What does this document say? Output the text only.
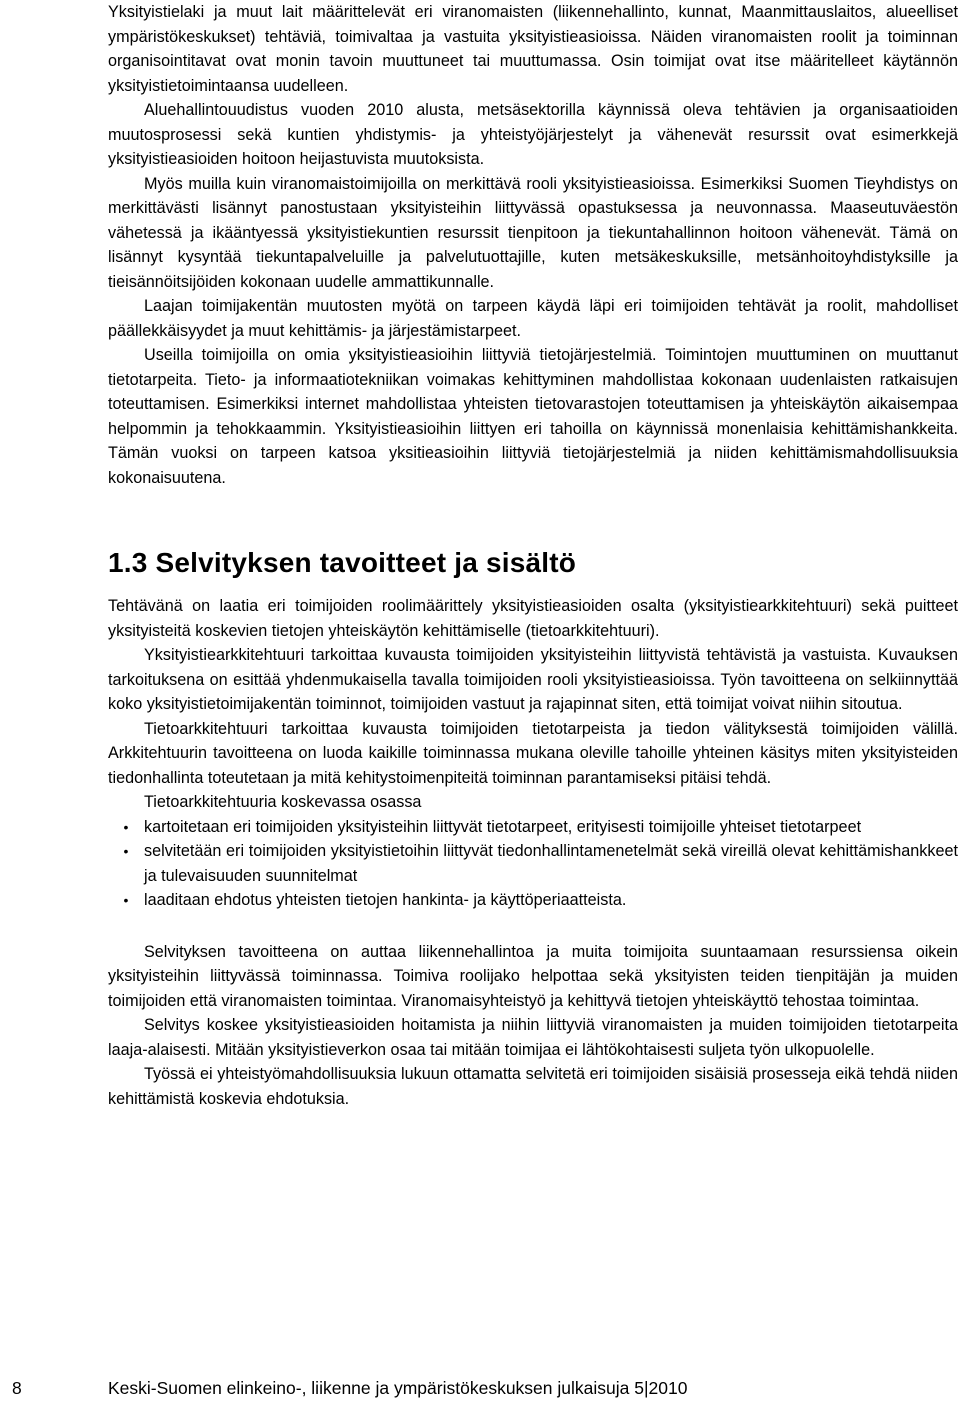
Yksityistielaki ja muut lait määrittelevät eri viranomaisten (liikennehallinto, kunnat, Maanmittauslaitos, alueelliset ympäristökeskukset) tehtäviä, toimivaltaa ja vastuita yksityistieasioissa. Näiden viranomaisten roolit ja toiminnan organisointitavat ovat monin tavoin muuttuneet tai muuttumassa. Osin toimijat ovat itse määritelleet käytännön yksityistietoimintaansa uudelleen.

Aluehallintouudistus vuoden 2010 alusta, metsäsektorilla käynnissä oleva tehtävien ja organisaatioiden muutosprosessi sekä kuntien yhdistymis- ja yhteistyöjärjestelyt ja vähenevät resurssit ovat esimerkkejä yksityistieasioiden hoitoon heijastuvista muutoksista.

Myös muilla kuin viranomaistoimijoilla on merkittävä rooli yksityistieasioissa. Esimerkiksi Suomen Tieyhdistys on merkittävästi lisännyt panostustaan yksityisteihin liittyvässä opastuksessa ja neuvonnassa. Maaseutuväestön vähetessä ja ikääntyessä yksityistiekuntien resurssit tienpitoon ja tiekuntahallinnon hoitoon vähenevät. Tämä on lisännyt kysyntää tiekuntapalveluille ja palvelutuottajille, kuten metsäkeskuksille, metsänhoitoyhdistyksille ja tieisännöitsijöiden kokonaan uudelle ammattikunnalle.

Laajan toimijakentän muutosten myötä on tarpeen käydä läpi eri toimijoiden tehtävät ja roolit, mahdolliset päällekkäisyydet ja muut kehittämis- ja järjestämistarpeet.

Useilla toimijoilla on omia yksityistieasioihin liittyviä tietojärjestelmiä. Toimintojen muuttuminen on muuttanut tietotarpeita. Tieto- ja informaatiotekniikan voimakas kehittyminen mahdollistaa kokonaan uudenlaisten ratkaisujen toteuttamisen. Esimerkiksi internet mahdollistaa yhteisten tietovarastojen toteuttamisen ja yhteiskäytön aikaisempaa helpommin ja tehokkaammin. Yksityistieasioihin liittyen eri tahoilla on käynnissä monenlaisia kehittämishankkeita. Tämän vuoksi on tarpeen katsoa yksitieasioihin liittyviä tietojärjestelmiä ja niiden kehittämismahdollisuuksia kokonaisuutena.

1.3 Selvityksen tavoitteet ja sisältö

Tehtävänä on laatia eri toimijoiden roolimäärittely yksityistieasioiden osalta (yksityistiearkkitehtuuri) sekä puitteet yksityisteitä koskevien tietojen yhteiskäytön kehittämiselle (tietoarkkitehtuuri).

Yksityistiearkkitehtuuri tarkoittaa kuvausta toimijoiden yksityisteihin liittyvistä tehtävistä ja vastuista. Kuvauksen tarkoituksena on esittää yhdenmukaisella tavalla toimijoiden rooli yksityistieasioissa. Työn tavoitteena on selkiinnyttää koko yksityistietoimijakentän toiminnot, toimijoiden vastuut ja rajapinnat siten, että toimijat voivat niihin sitoutua.

Tietoarkkitehtuuri tarkoittaa kuvausta toimijoiden tietotarpeista ja tiedon välityksestä toimijoiden välillä. Arkkitehtuurin tavoitteena on luoda kaikille toiminnassa mukana oleville tahoille yhteinen käsitys miten yksityisteiden tiedonhallinta toteutetaan ja mitä kehitystoimenpiteitä toiminnan parantamiseksi pitäisi tehdä.

Tietoarkkitehtuuria koskevassa osassa

• kartoitetaan eri toimijoiden yksityisteihin liittyvät tietotarpeet, erityisesti toimijoille yhteiset tietotarpeet
• selvitetään eri toimijoiden yksityistietoihin liittyvät tiedonhallintamenetelmät sekä vireillä olevat kehittämishankkeet ja tulevaisuuden suunnitelmat
• laaditaan ehdotus yhteisten tietojen hankinta- ja käyttöperiaatteista.

Selvityksen tavoitteena on auttaa liikennehallintoa ja muita toimijoita suuntaamaan resurssiensa oikein yksityisteihin liittyvässä toiminnassa. Toimiva roolijako helpottaa sekä yksityisten teiden tienpitäjän ja muiden toimijoiden että viranomaisten toimintaa. Viranomaisyhteistyö ja kehittyvä tietojen yhteiskäyttö tehostaa toimintaa.

Selvitys koskee yksityistieasioiden hoitamista ja niihin liittyviä viranomaisten ja muiden toimijoiden tietotarpeita laaja-alaisesti. Mitään yksityistieverkon osaa tai mitään toimijaa ei lähtökohtaisesti suljeta työn ulkopuolelle.

Työssä ei yhteistyömahdollisuuksia lukuun ottamatta selvitetä eri toimijoiden sisäisiä prosesseja eikä tehdä niiden kehittämistä koskevia ehdotuksia.

8	Keski-Suomen elinkeino-, liikenne ja ympäristökeskuksen julkaisuja 5|2010
